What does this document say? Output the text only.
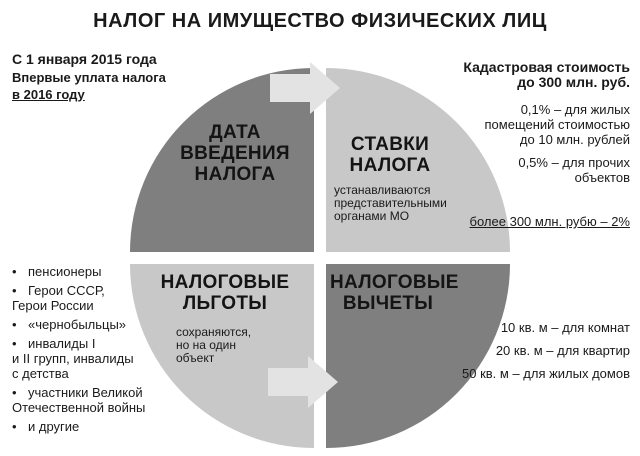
НАЛОГ НА ИМУЩЕСТВО ФИЗИЧЕСКИХ ЛИЦ
С 1 января 2015 года
Впервые уплата налога
в 2016 году
Кадастровая стоимость
до 300 млн. руб.
0,1% – для жилых
помещений стоимостью
до 10 млн. рублей
0,5% – для прочих
объектов
более 300 млн. рубю – 2%
ДАТА
ВВЕДЕНИЯ
НАЛОГА
СТАВКИ
НАЛОГА
устанавливаются
представительными
органами МО
НАЛОГОВЫЕ
ЛЬГОТЫ
сохраняются,
но на один
объект
НАЛОГОВЫЕ
ВЫЧЕТЫ
• пенсионеры
• Герои СССР,
Герои России
• «чернобыльцы»
• инвалиды I
и II групп, инвалиды
с детства
• участники Великой
Отечественной войны
• и другие
10 кв. м – для комнат
20 кв. м – для квартир
50 кв. м – для жилых домов
